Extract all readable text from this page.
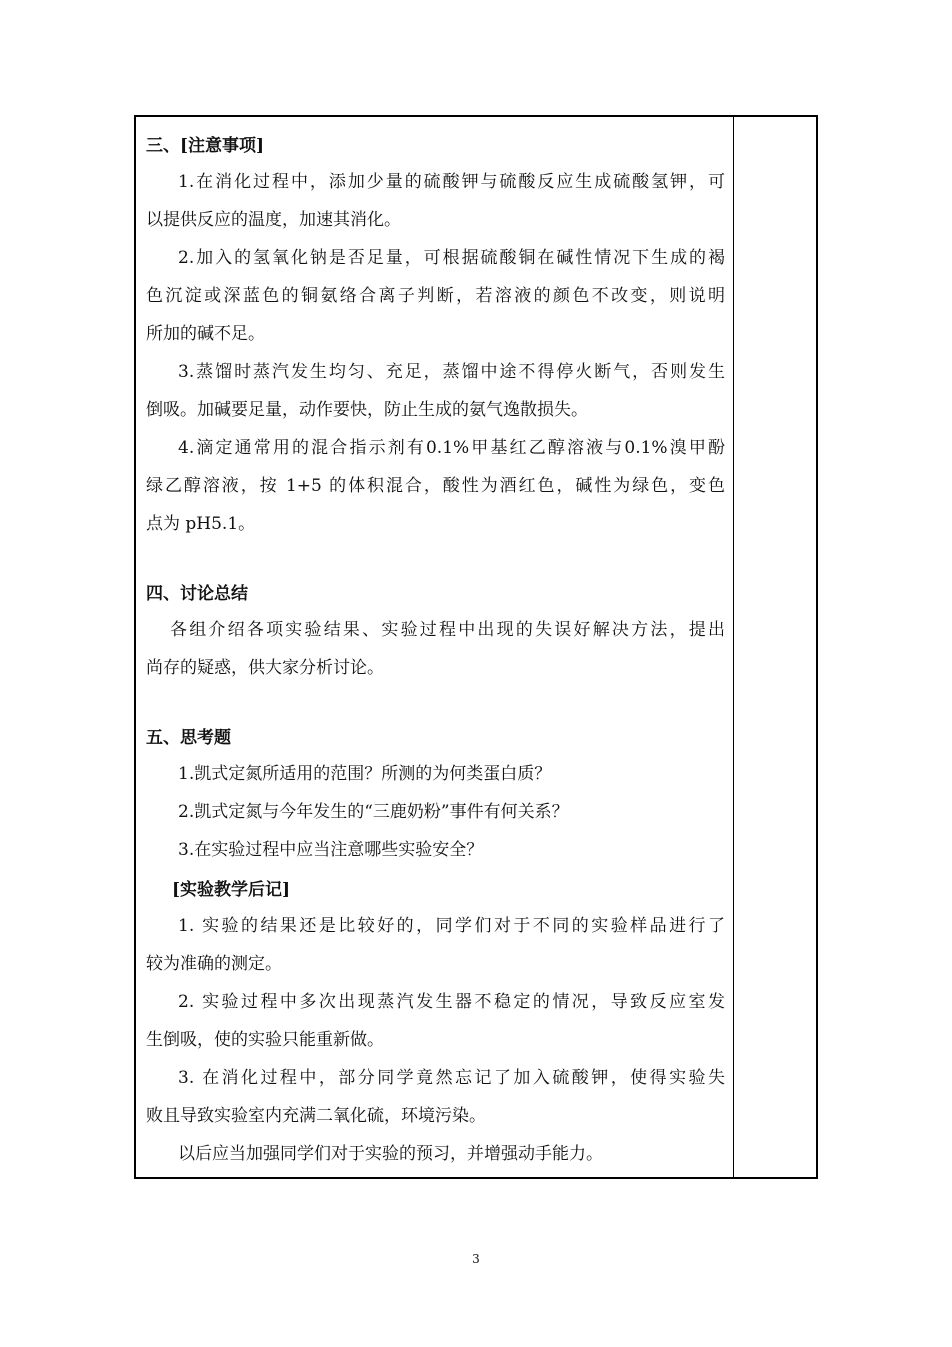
三、[注意事项]

1.在消化过程中，添加少量的硫酸钾与硫酸反应生成硫酸氢钾，可

以提供反应的温度，加速其消化。

2.加入的氢氧化钠是否足量，可根据硫酸铜在碱性情况下生成的褐

色沉淀或深蓝色的铜氨络合离子判断，若溶液的颜色不改变，则说明

所加的碱不足。

3.蒸馏时蒸汽发生均匀、充足，蒸馏中途不得停火断气，否则发生

倒吸。加碱要足量，动作要快，防止生成的氨气逸散损失。

4.滴定通常用的混合指示剂有0.1%甲基红乙醇溶液与0.1%溴甲酚

绿乙醇溶液，按 1+5 的体积混合，酸性为酒红色，碱性为绿色，变色

点为 pH5.1。

四、讨论总结

各组介绍各项实验结果、实验过程中出现的失误好解决方法，提出

尚存的疑惑，供大家分析讨论。

五、思考题

1.凯式定氮所适用的范围？所测的为何类蛋白质？

2.凯式定氮与今年发生的“三鹿奶粉”事件有何关系？

3.在实验过程中应当注意哪些实验安全？

[实验教学后记]

1. 实验的结果还是比较好的，同学们对于不同的实验样品进行了

较为准确的测定。

2. 实验过程中多次出现蒸汽发生器不稳定的情况，导致反应室发

生倒吸，使的实验只能重新做。

3. 在消化过程中，部分同学竟然忘记了加入硫酸钾，使得实验失

败且导致实验室内充满二氧化硫，环境污染。

以后应当加强同学们对于实验的预习，并增强动手能力。

3
